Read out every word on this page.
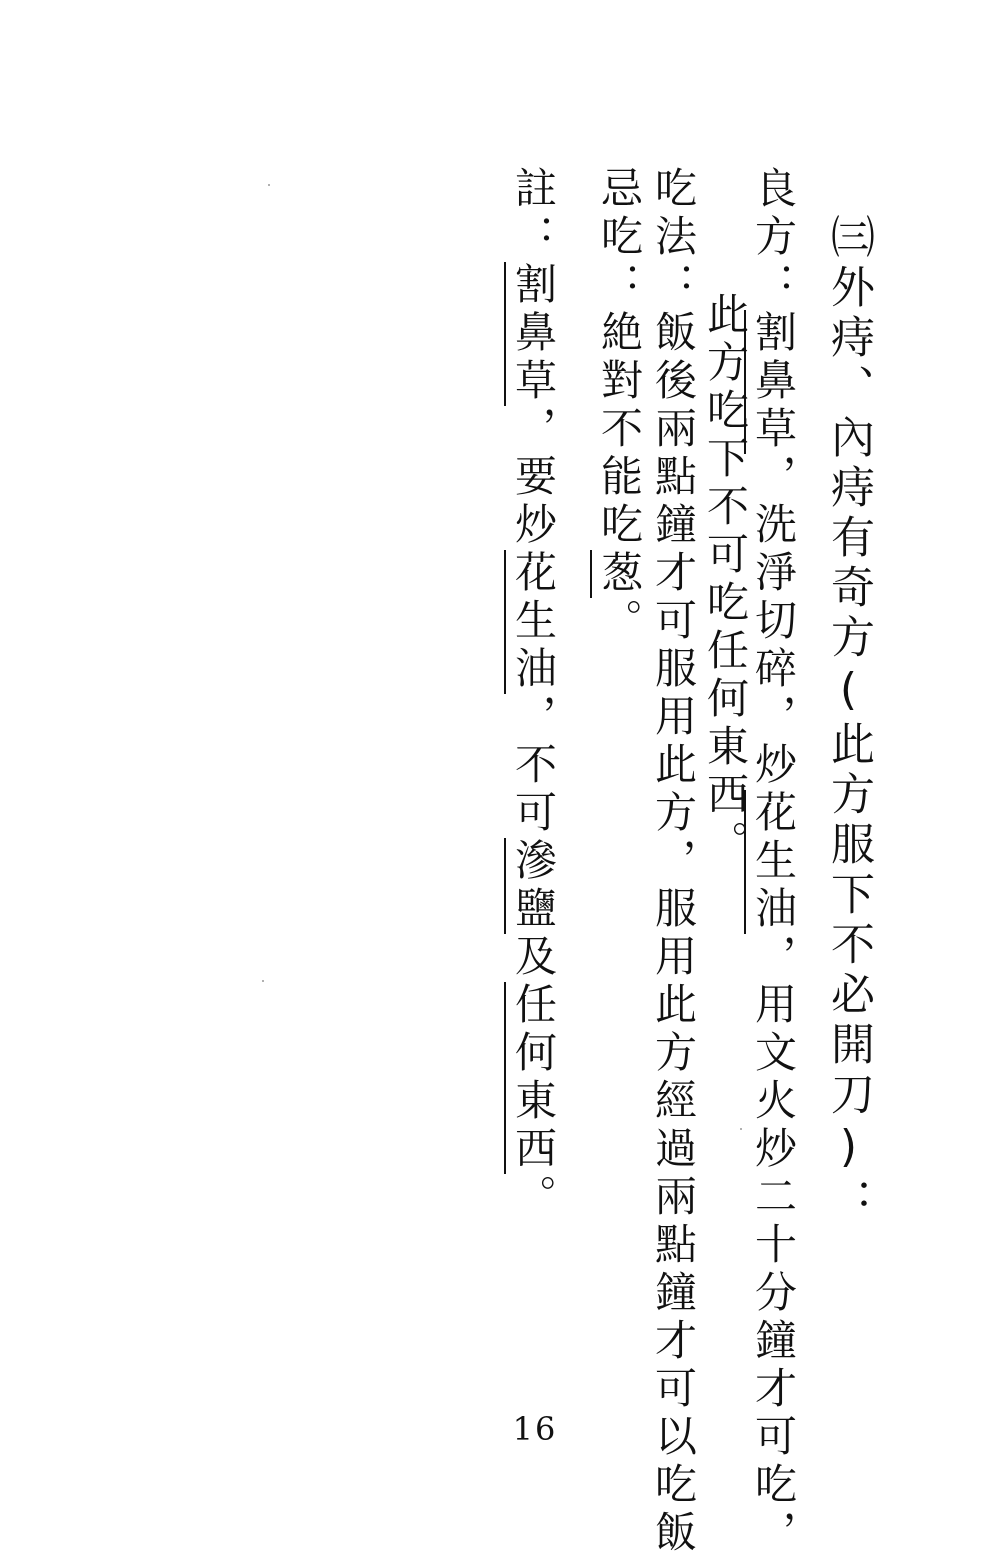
㈢外痔、內痔有奇方(此方服下不必開刀)：
良方：割鼻草，洗淨切碎，炒花生油，用文火炒二十分鐘才可吃，
此方吃下不可吃任何東西。
吃法：飯後兩點鐘才可服用此方，服用此方經過兩點鐘才可以吃飯
忌吃：絶對不能吃葱。
註：割鼻草，要炒花生油，不可滲鹽及任何東西。
16
